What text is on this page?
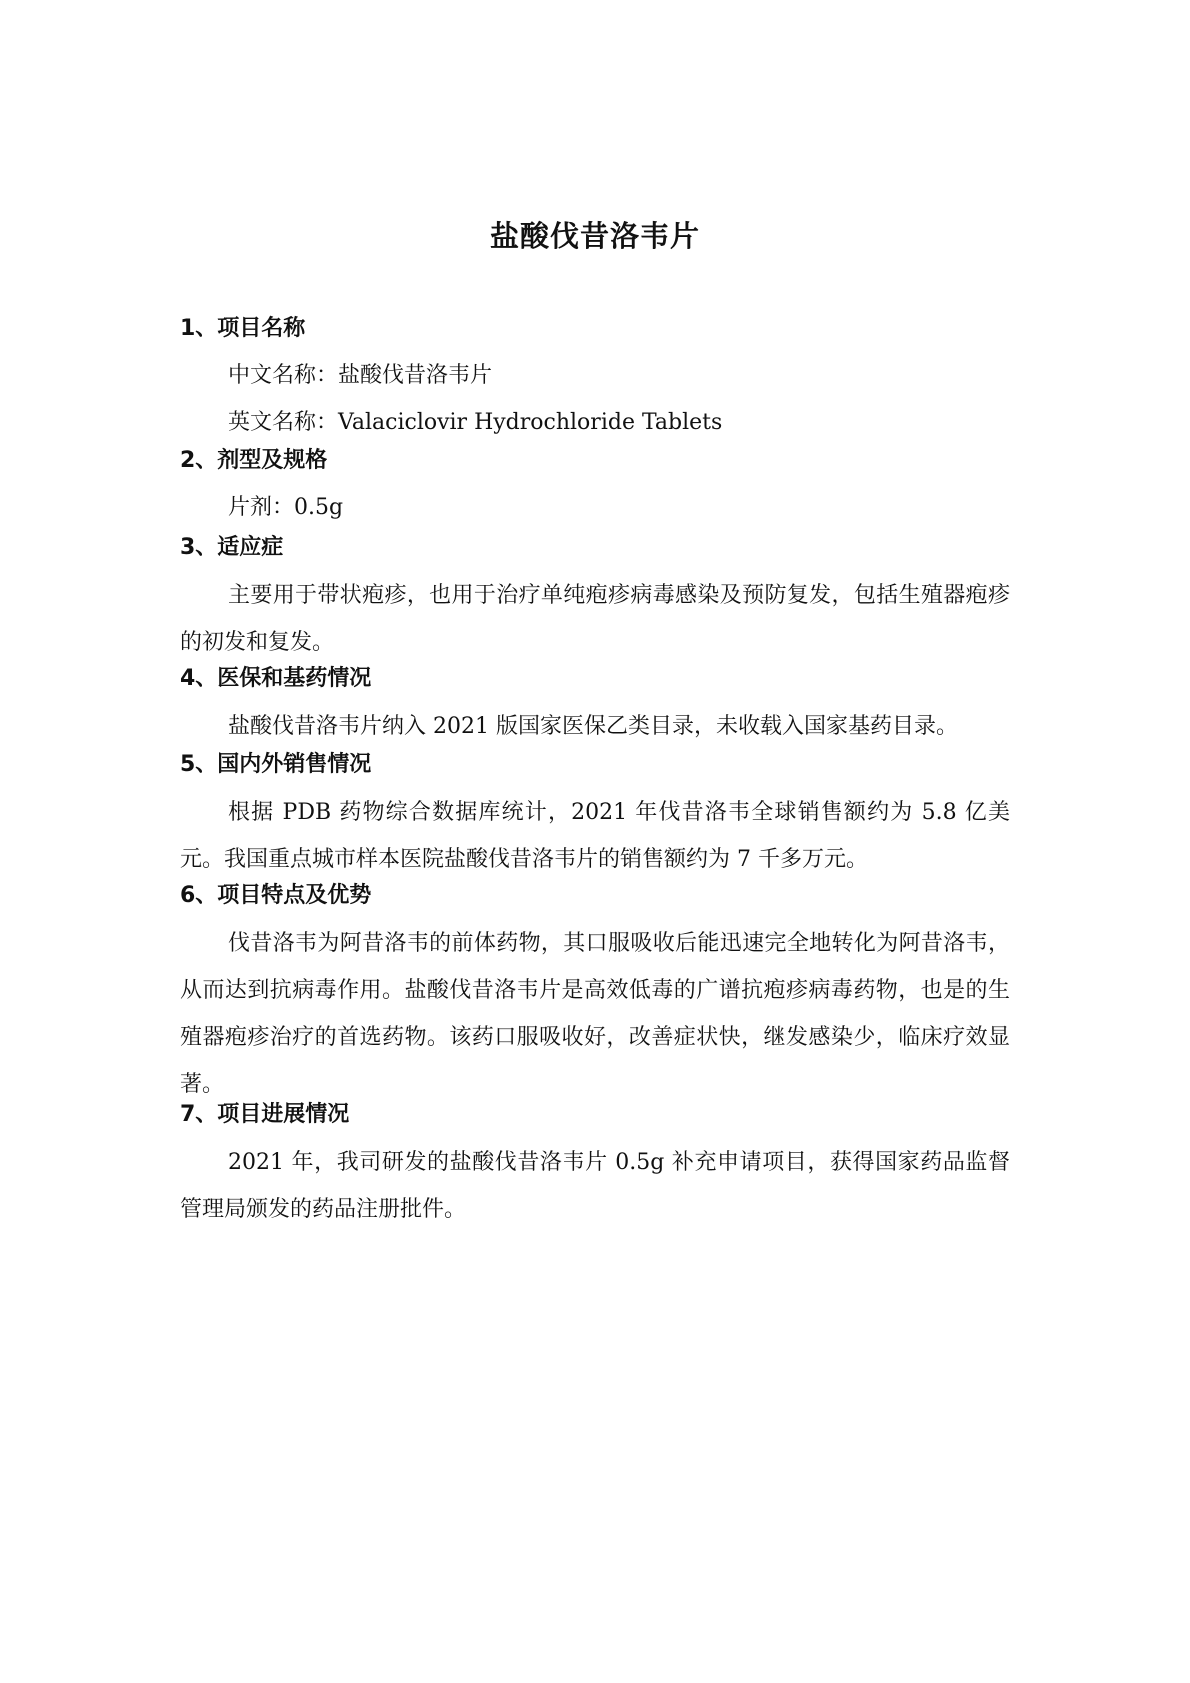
盐酸伐昔洛韦片
1、项目名称
中文名称：盐酸伐昔洛韦片
英文名称：Valaciclovir Hydrochloride Tablets
2、剂型及规格
片剂：0.5g
3、适应症
主要用于带状疱疹，也用于治疗单纯疱疹病毒感染及预防复发，包括生殖器疱疹的初发和复发。
4、医保和基药情况
盐酸伐昔洛韦片纳入 2021 版国家医保乙类目录，未收载入国家基药目录。
5、国内外销售情况
根据 PDB 药物综合数据库统计，2021 年伐昔洛韦全球销售额约为 5.8 亿美元。我国重点城市样本医院盐酸伐昔洛韦片的销售额约为 7 千多万元。
6、项目特点及优势
伐昔洛韦为阿昔洛韦的前体药物，其口服吸收后能迅速完全地转化为阿昔洛韦，从而达到抗病毒作用。盐酸伐昔洛韦片是高效低毒的广谱抗疱疹病毒药物，也是的生殖器疱疹治疗的首选药物。该药口服吸收好，改善症状快，继发感染少，临床疗效显著。
7、项目进展情况
2021 年，我司研发的盐酸伐昔洛韦片 0.5g 补充申请项目，获得国家药品监督管理局颁发的药品注册批件。
